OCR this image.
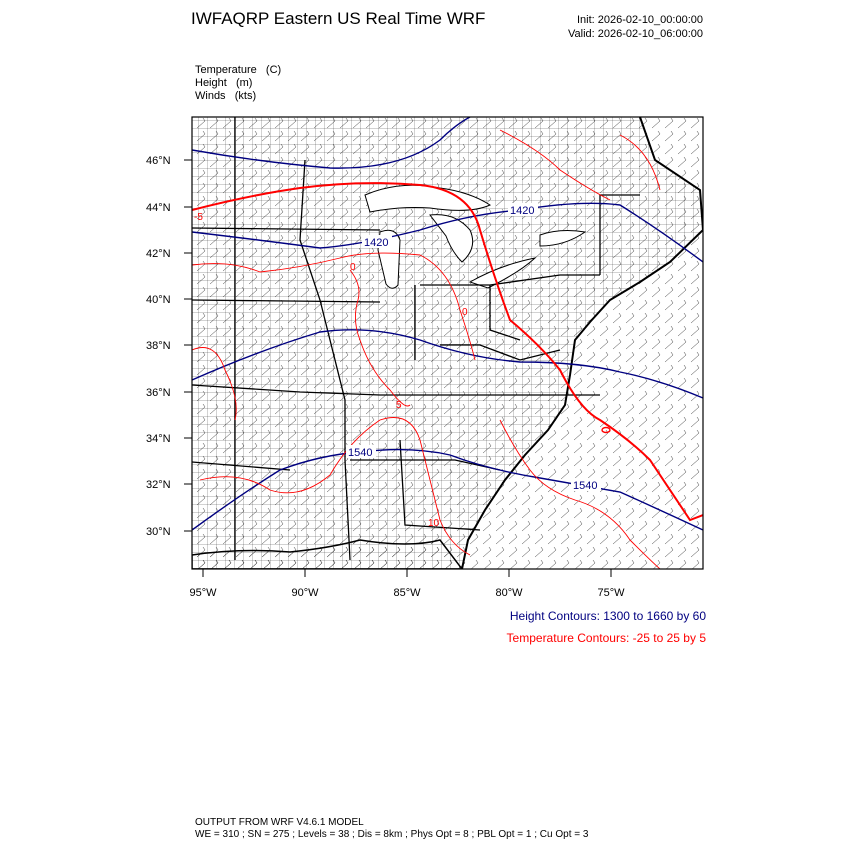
IWFAQRP Eastern US Real Time WRF	Init: 2026-02-10_00:00:00
Valid: 2026-02-10_06:00:00
Temperature   (C)
Height   (m)
Winds   (kts)
1420
1420
1540
1540
-5
0
0
5
10
46°N
44°N
42°N
40°N
38°N
36°N
34°N
32°N
30°N
95°W	90°W	85°W	80°W	75°W
Height Contours: 1300 to 1660 by 60
Temperature Contours: -25 to 25 by 5
OUTPUT FROM WRF V4.6.1 MODEL
WE = 310 ; SN = 275 ; Levels = 38 ; Dis = 8km ; Phys Opt = 8 ; PBL Opt = 1 ; Cu Opt = 3
